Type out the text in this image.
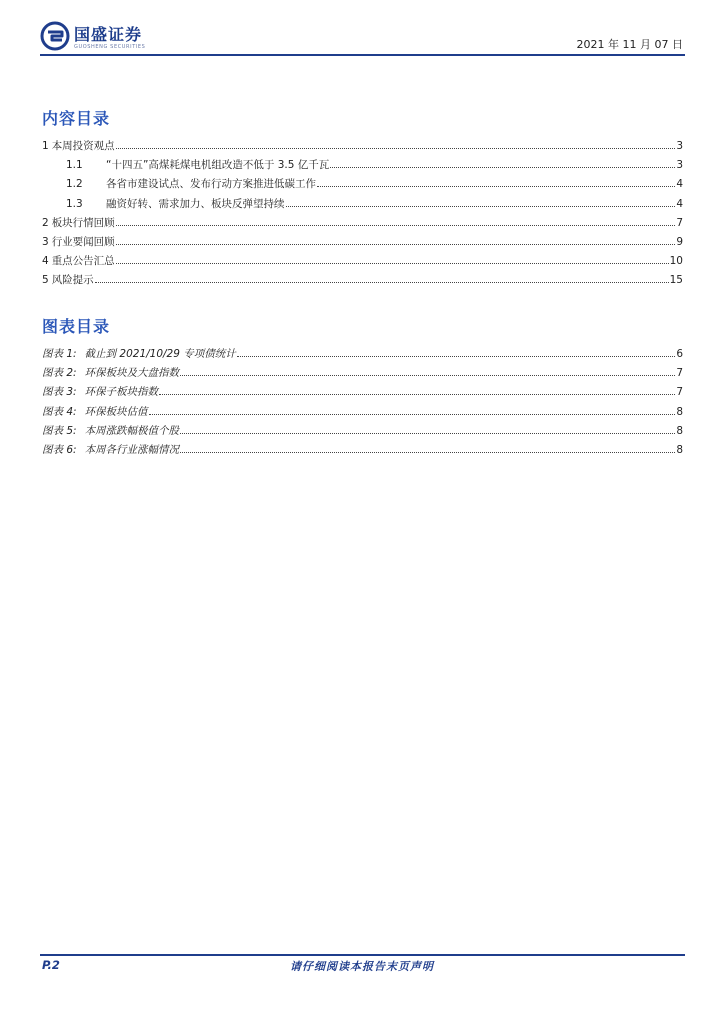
国盛证券
GUOSHENG SECURITIES	2021 年 11 月 07 日
内容目录
1 本周投资观点	3
1.1	“十四五”高煤耗煤电机组改造不低于 3.5 亿千瓦	3
1.2	各省市建设试点、发布行动方案推进低碳工作	4
1.3	融资好转、需求加力、板块反弹望持续	4
2 板块行情回顾	7
3 行业要闻回顾	9
4 重点公告汇总	10
5 风险提示	15
图表目录
图表 1: 截止到 2021/10/29 专项债统计	6
图表 2: 环保板块及大盘指数	7
图表 3: 环保子板块指数	7
图表 4: 环保板块估值	8
图表 5: 本周涨跌幅极值个股	8
图表 6: 本周各行业涨幅情况	8
P.2	请仔细阅读本报告末页声明
